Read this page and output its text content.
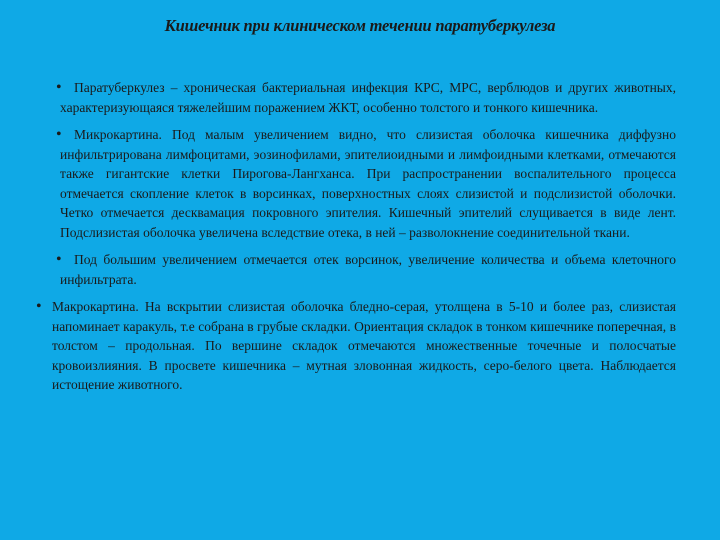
Кишечник при клиническом течении паратуберкулеза
• Паратуберкулез – хроническая бактериальная инфекция КРС, МРС, верблюдов и других животных, характеризующаяся тяжелейшим поражением ЖКТ, особенно толстого и тонкого кишечника.
• Микрокартина. Под малым увеличением видно, что слизистая оболочка кишечника диффузно инфильтрирована лимфоцитами, эозинофилами, эпителиоидными и лимфоидными клетками, отмечаются также гигантские клетки Пирогова-Лангханса. При распространении воспалительного процесса отмечается скопление клеток в ворсинках, поверхностных слоях слизистой и подслизистой оболочки. Четко отмечается десквамация покровного эпителия. Кишечный эпителий слущивается в виде лент. Подслизистая оболочка увеличена вследствие отека, в ней – разволокнение соединительной ткани.
• Под большим увеличением отмечается отек ворсинок, увеличение количества и объема клеточного инфильтрата.
• Макрокартина. На вскрытии слизистая оболочка бледно-серая, утолщена в 5-10 и более раз, слизистая напоминает каракуль, т.е собрана в грубые складки. Ориентация складок в тонком кишечнике поперечная, в толстом – продольная. По вершине складок отмечаются множественные точечные и полосчатые кровоизлияния. В просвете кишечника – мутная зловонная жидкость, серо-белого цвета. Наблюдается истощение животного.
